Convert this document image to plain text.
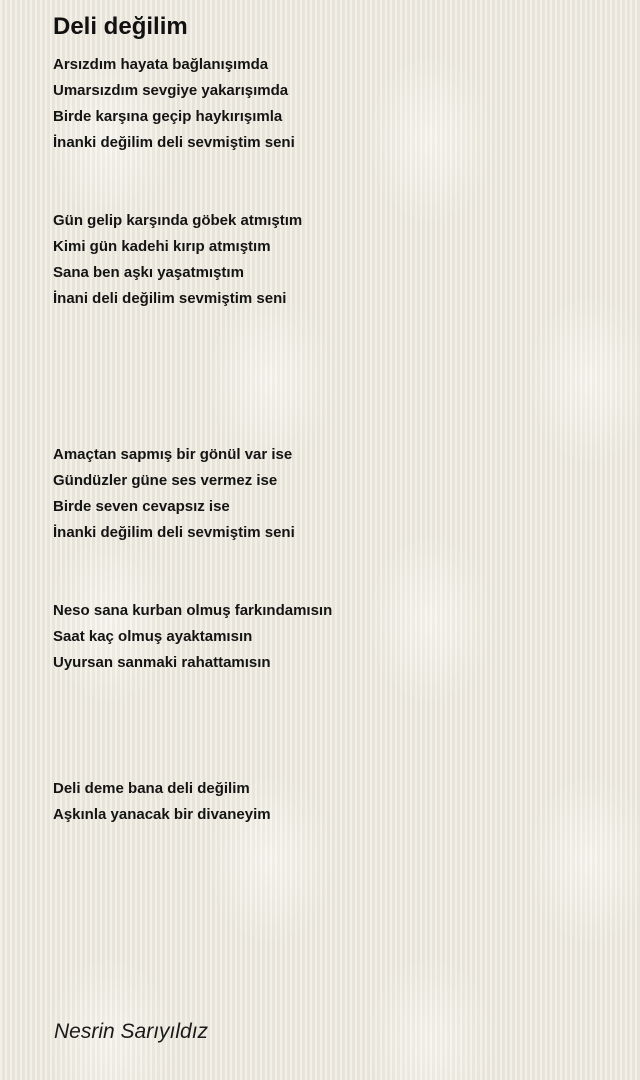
Deli değilim
Arsızdım hayata bağlanışımda
Umarsızdım sevgiye yakarışımda
Birde karşına geçip haykırışımla
İnanki değilim deli sevmiştim seni
Gün gelip karşında göbek atmıştım
Kimi gün kadehi kırıp atmıştım
Sana ben aşkı yaşatmıştım
İnani deli değilim sevmiştim seni
Amaçtan sapmış bir gönül var ise
Gündüzler güne ses vermez ise
Birde seven cevapsız ise
İnanki değilim deli sevmiştim seni
Neso sana kurban olmuş farkındamısın
Saat kaç olmuş ayaktamısın
Uyursan sanmaki rahattamısın
Deli deme bana deli değilim
Aşkınla yanacak bir divaneyim
Nesrin Sarıyıldız
